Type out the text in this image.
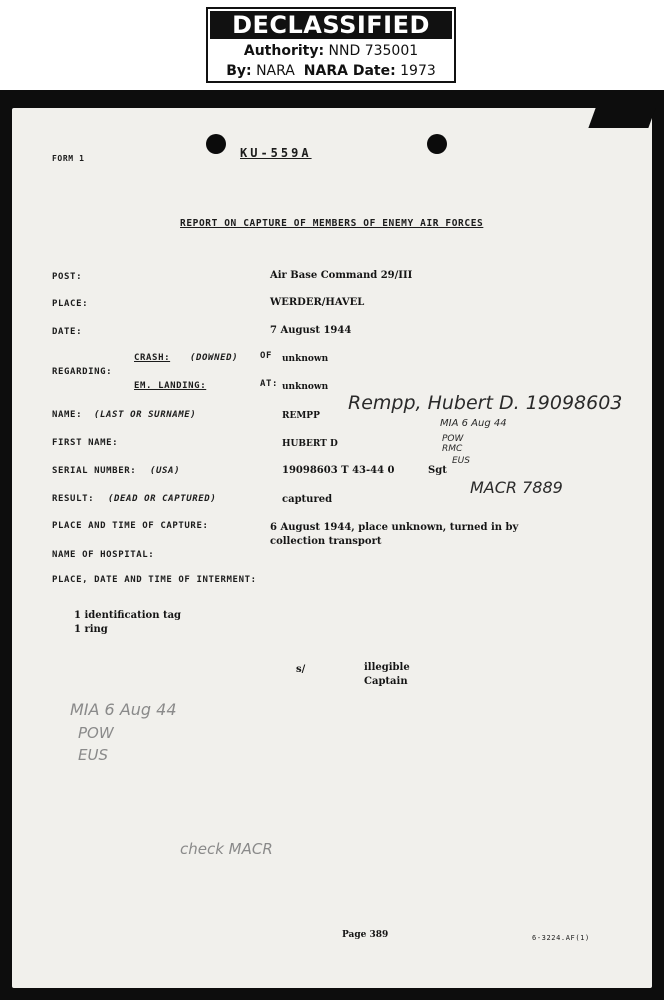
DECLASSIFIED
Authority: NND 735001
By: NARA NARA Date: 1973
FORM 1	KU-559A
REPORT ON CAPTURE OF MEMBERS OF ENEMY AIR FORCES
POST:	Air Base Command 29/III
PLACE:	WERDER/HAVEL
DATE:	7 August 1944
REGARDING:
CRASH: (DOWNED) OF unknown
EM. LANDING:	AT: unknown
NAME: (LAST OR SURNAME)	REMPP
FIRST NAME:	HUBERT D
SERIAL NUMBER: (USA)	19098603 T 43-44 0	Sgt
RESULT: (DEAD OR CAPTURED)	captured
PLACE AND TIME OF CAPTURE:	6 August 1944, place unknown, turned in by
collection transport
NAME OF HOSPITAL:
PLACE, DATE AND TIME OF INTERMENT:
1 identification tag
1 ring
s/	illegible
Captain
Page 389	6-3224.AF(1)
Rempp, Hubert D. 19098603
MIA 6 Aug 44
POW
RMC
EUS
MACR 7889
MIA 6 Aug 44
POW
EUS
check MACR
